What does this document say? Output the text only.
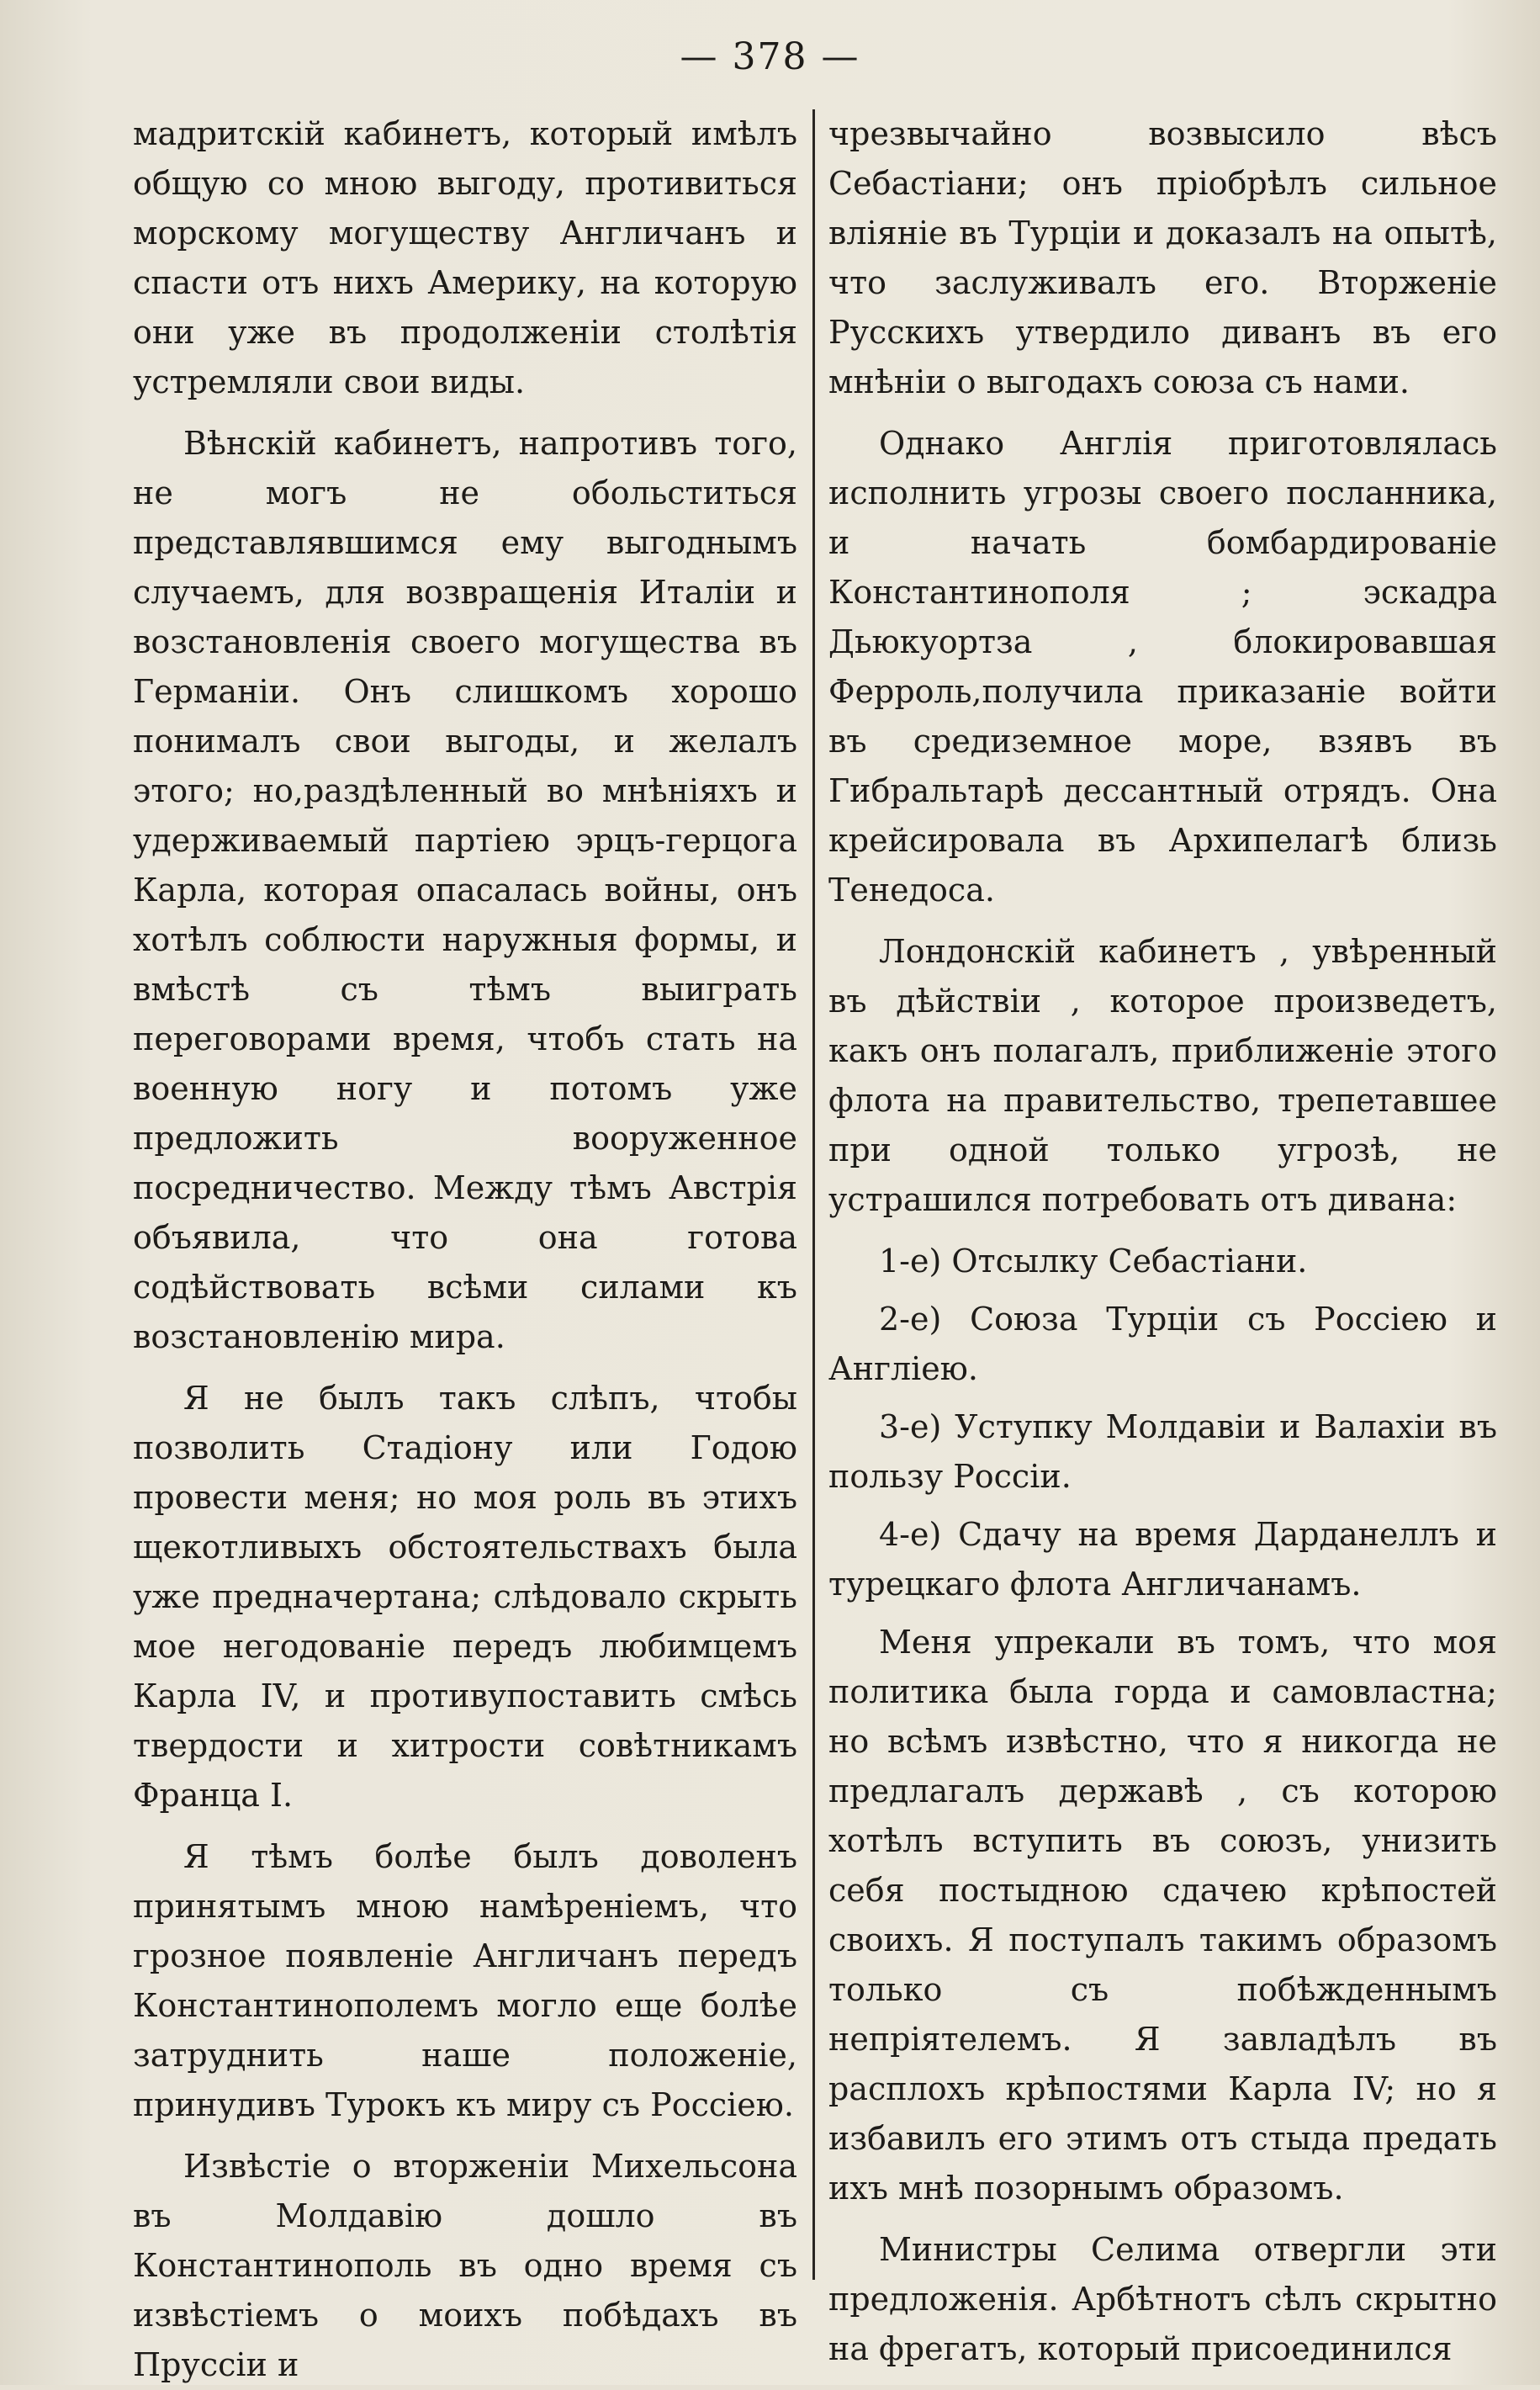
— 378 —

мадритскій кабинетъ, который имѣлъ общую со мною выгоду, противиться морскому могуществу Англичанъ и спасти отъ нихъ Америку, на которую они уже въ продолженіи столѣтія устремляли свои виды.

Вѣнскій кабинетъ, напротивъ того, не могъ не обольститься представлявшимся ему выгоднымъ случаемъ, для возвращенія Италіи и возстановленія своего могущества въ Германіи. Онъ слишкомъ хорошо понималъ свои выгоды, и желалъ этого; но,раздѣленный во мнѣніяхъ и удерживаемый партіею эрцъ-герцога Карла, которая опасалась войны, онъ хотѣлъ соблюсти наружныя формы, и вмѣстѣ съ тѣмъ выиграть переговорами время, чтобъ стать на военную ногу и потомъ уже предложить вооруженное посредничество. Между тѣмъ Австрія объявила, что она готова содѣйствовать всѣми силами къ возстановленію мира.

Я не былъ такъ слѣпъ, чтобы позволить Стадіону или Годою провести меня; но моя роль въ этихъ щекотливыхъ обстоятельствахъ была уже предначертана; слѣдовало скрыть мое негодованіе передъ любимцемъ Карла IV, и противупоставить смѣсь твердости и хитрости совѣтникамъ Франца I.

Я тѣмъ болѣе былъ доволенъ принятымъ мною намѣреніемъ, что грозное появленіе Англичанъ передъ Константинополемъ могло еще болѣе затруднить наше положеніе, принудивъ Турокъ къ миру съ Россіею.

Извѣстіе о вторженіи Михельсона въ Молдавію дошло въ Константинополь въ одно время съ извѣстіемъ о моихъ побѣдахъ въ Пруссіи и

чрезвычайно возвысило вѣсъ Себастіани; онъ пріобрѣлъ сильное вліяніе въ Турціи и доказалъ на опытѣ, что заслуживалъ его. Вторженіе Русскихъ утвердило диванъ въ его мнѣніи о выгодахъ союза съ нами.

Однако Англія приготовлялась исполнить угрозы своего посланника, и начать бомбардированіе Константинополя ; эскадра Дьюкуортза , блокировавшая Ферроль,получила приказаніе войти въ средиземное море, взявъ въ Гибральтарѣ дессантный отрядъ. Она крейсировала въ Архипелагѣ близь Тенедоса.

Лондонскій кабинетъ , увѣренный въ дѣйствіи , которое произведетъ, какъ онъ полагалъ, приближеніе этого флота на правительство, трепетавшее при одной только угрозѣ, не устрашился потребовать отъ дивана:

1-е) Отсылку Себастіани.

2-е) Союза Турціи съ Россіею и Англіею.

3-е) Уступку Молдавіи и Валахіи въ пользу Россіи.

4-е) Сдачу на время Дарданеллъ и турецкаго флота Англичанамъ.

Меня упрекали въ томъ, что моя политика была горда и самовластна; но всѣмъ извѣстно, что я никогда не предлагалъ державѣ , съ которою хотѣлъ вступить въ союзъ, унизить себя постыдною сдачею крѣпостей своихъ. Я поступалъ такимъ образомъ только съ побѣжденнымъ непріятелемъ. Я завладѣлъ въ расплохъ крѣпостями Карла IV; но я избавилъ его этимъ отъ стыда предать ихъ мнѣ позорнымъ образомъ.

Министры Селима отвергли эти предложенія. Арбѣтнотъ сѣлъ скрытно на фрегатъ, который присоединился
